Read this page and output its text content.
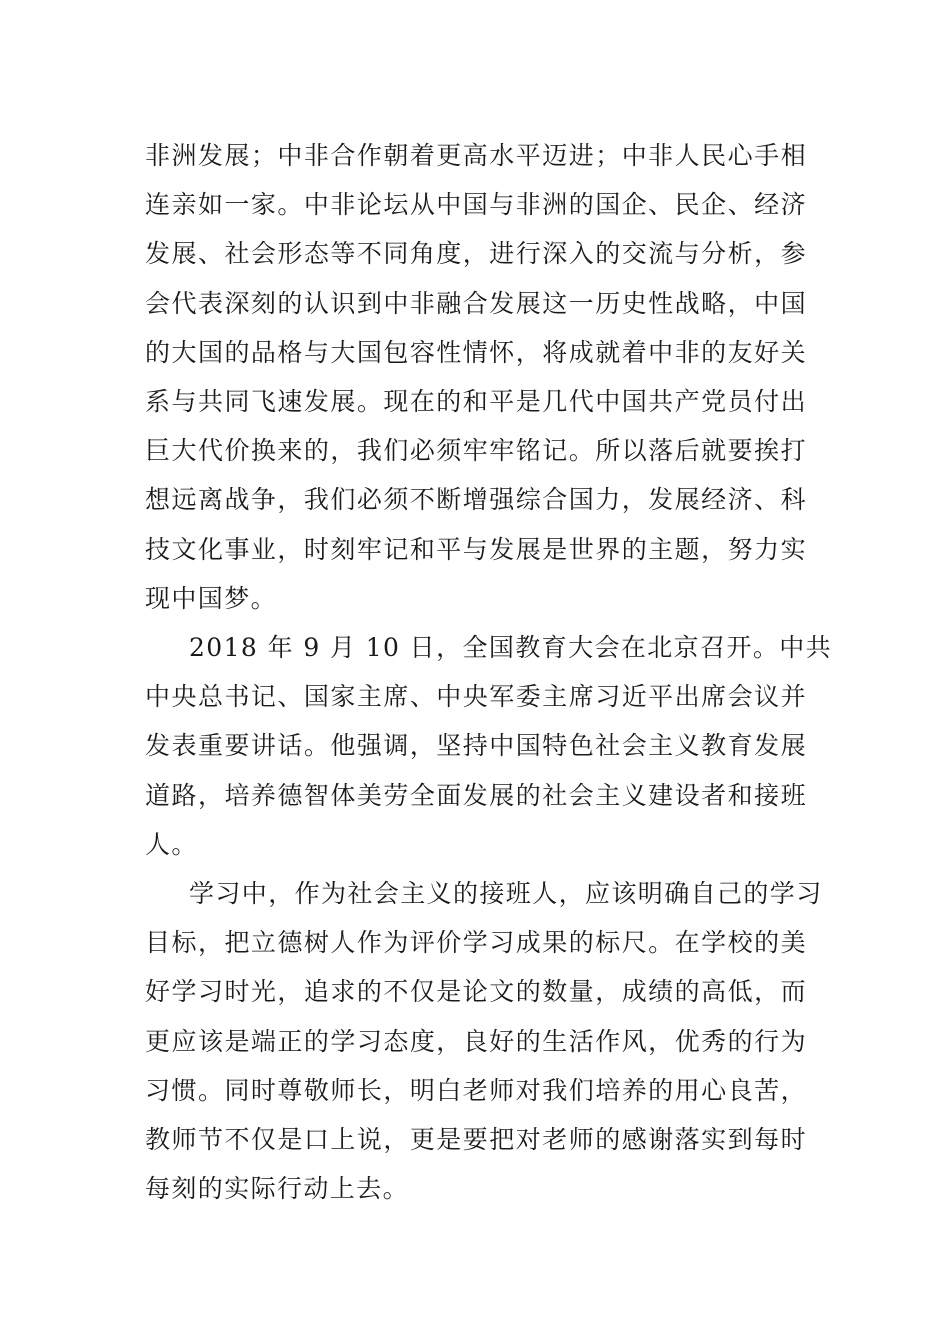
非洲发展；中非合作朝着更高水平迈进；中非人民心手相
连亲如一家。中非论坛从中国与非洲的国企、民企、经济
发展、社会形态等不同角度，进行深入的交流与分析，参
会代表深刻的认识到中非融合发展这一历史性战略，中国
的大国的品格与大国包容性情怀，将成就着中非的友好关
系与共同飞速发展。现在的和平是几代中国共产党员付出
巨大代价换来的，我们必须牢牢铭记。所以落后就要挨打
想远离战争，我们必须不断增强综合国力，发展经济、科
技文化事业，时刻牢记和平与发展是世界的主题，努力实
现中国梦。

2018 年 9 月 10 日，全国教育大会在北京召开。中共
中央总书记、国家主席、中央军委主席习近平出席会议并
发表重要讲话。他强调，坚持中国特色社会主义教育发展
道路，培养德智体美劳全面发展的社会主义建设者和接班
人。

学习中，作为社会主义的接班人，应该明确自己的学习
目标，把立德树人作为评价学习成果的标尺。在学校的美
好学习时光，追求的不仅是论文的数量，成绩的高低，而
更应该是端正的学习态度，良好的生活作风，优秀的行为
习惯。同时尊敬师长，明白老师对我们培养的用心良苦，
教师节不仅是口上说，更是要把对老师的感谢落实到每时
每刻的实际行动上去。
